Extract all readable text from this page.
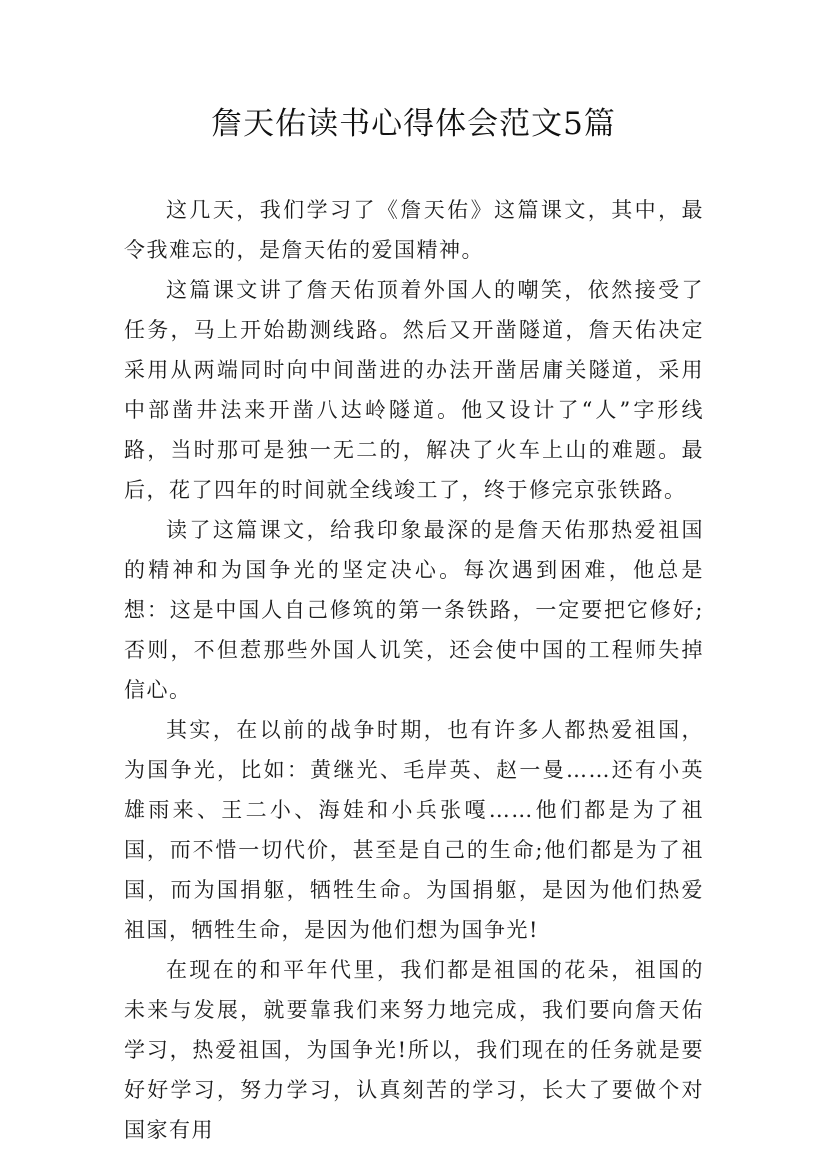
詹天佑读书心得体会范文5篇

这几天，我们学习了《詹天佑》这篇课文，其中，最令我难忘的，是詹天佑的爱国精神。

这篇课文讲了詹天佑顶着外国人的嘲笑，依然接受了任务，马上开始勘测线路。然后又开凿隧道，詹天佑决定采用从两端同时向中间凿进的办法开凿居庸关隧道，采用中部凿井法来开凿八达岭隧道。他又设计了“人”字形线路，当时那可是独一无二的，解决了火车上山的难题。最后，花了四年的时间就全线竣工了，终于修完京张铁路。

读了这篇课文，给我印象最深的是詹天佑那热爱祖国的精神和为国争光的坚定决心。每次遇到困难，他总是想：这是中国人自己修筑的第一条铁路，一定要把它修好;否则，不但惹那些外国人讥笑，还会使中国的工程师失掉信心。

其实，在以前的战争时期，也有许多人都热爱祖国，为国争光，比如：黄继光、毛岸英、赵一曼……还有小英雄雨来、王二小、海娃和小兵张嘎……他们都是为了祖国，而不惜一切代价，甚至是自己的生命;他们都是为了祖国，而为国捐躯，牺牲生命。为国捐躯，是因为他们热爱祖国，牺牲生命，是因为他们想为国争光!

在现在的和平年代里，我们都是祖国的花朵，祖国的未来与发展，就要靠我们来努力地完成，我们要向詹天佑学习，热爱祖国，为国争光!所以，我们现在的任务就是要好好学习，努力学习，认真刻苦的学习，长大了要做个对国家有用
